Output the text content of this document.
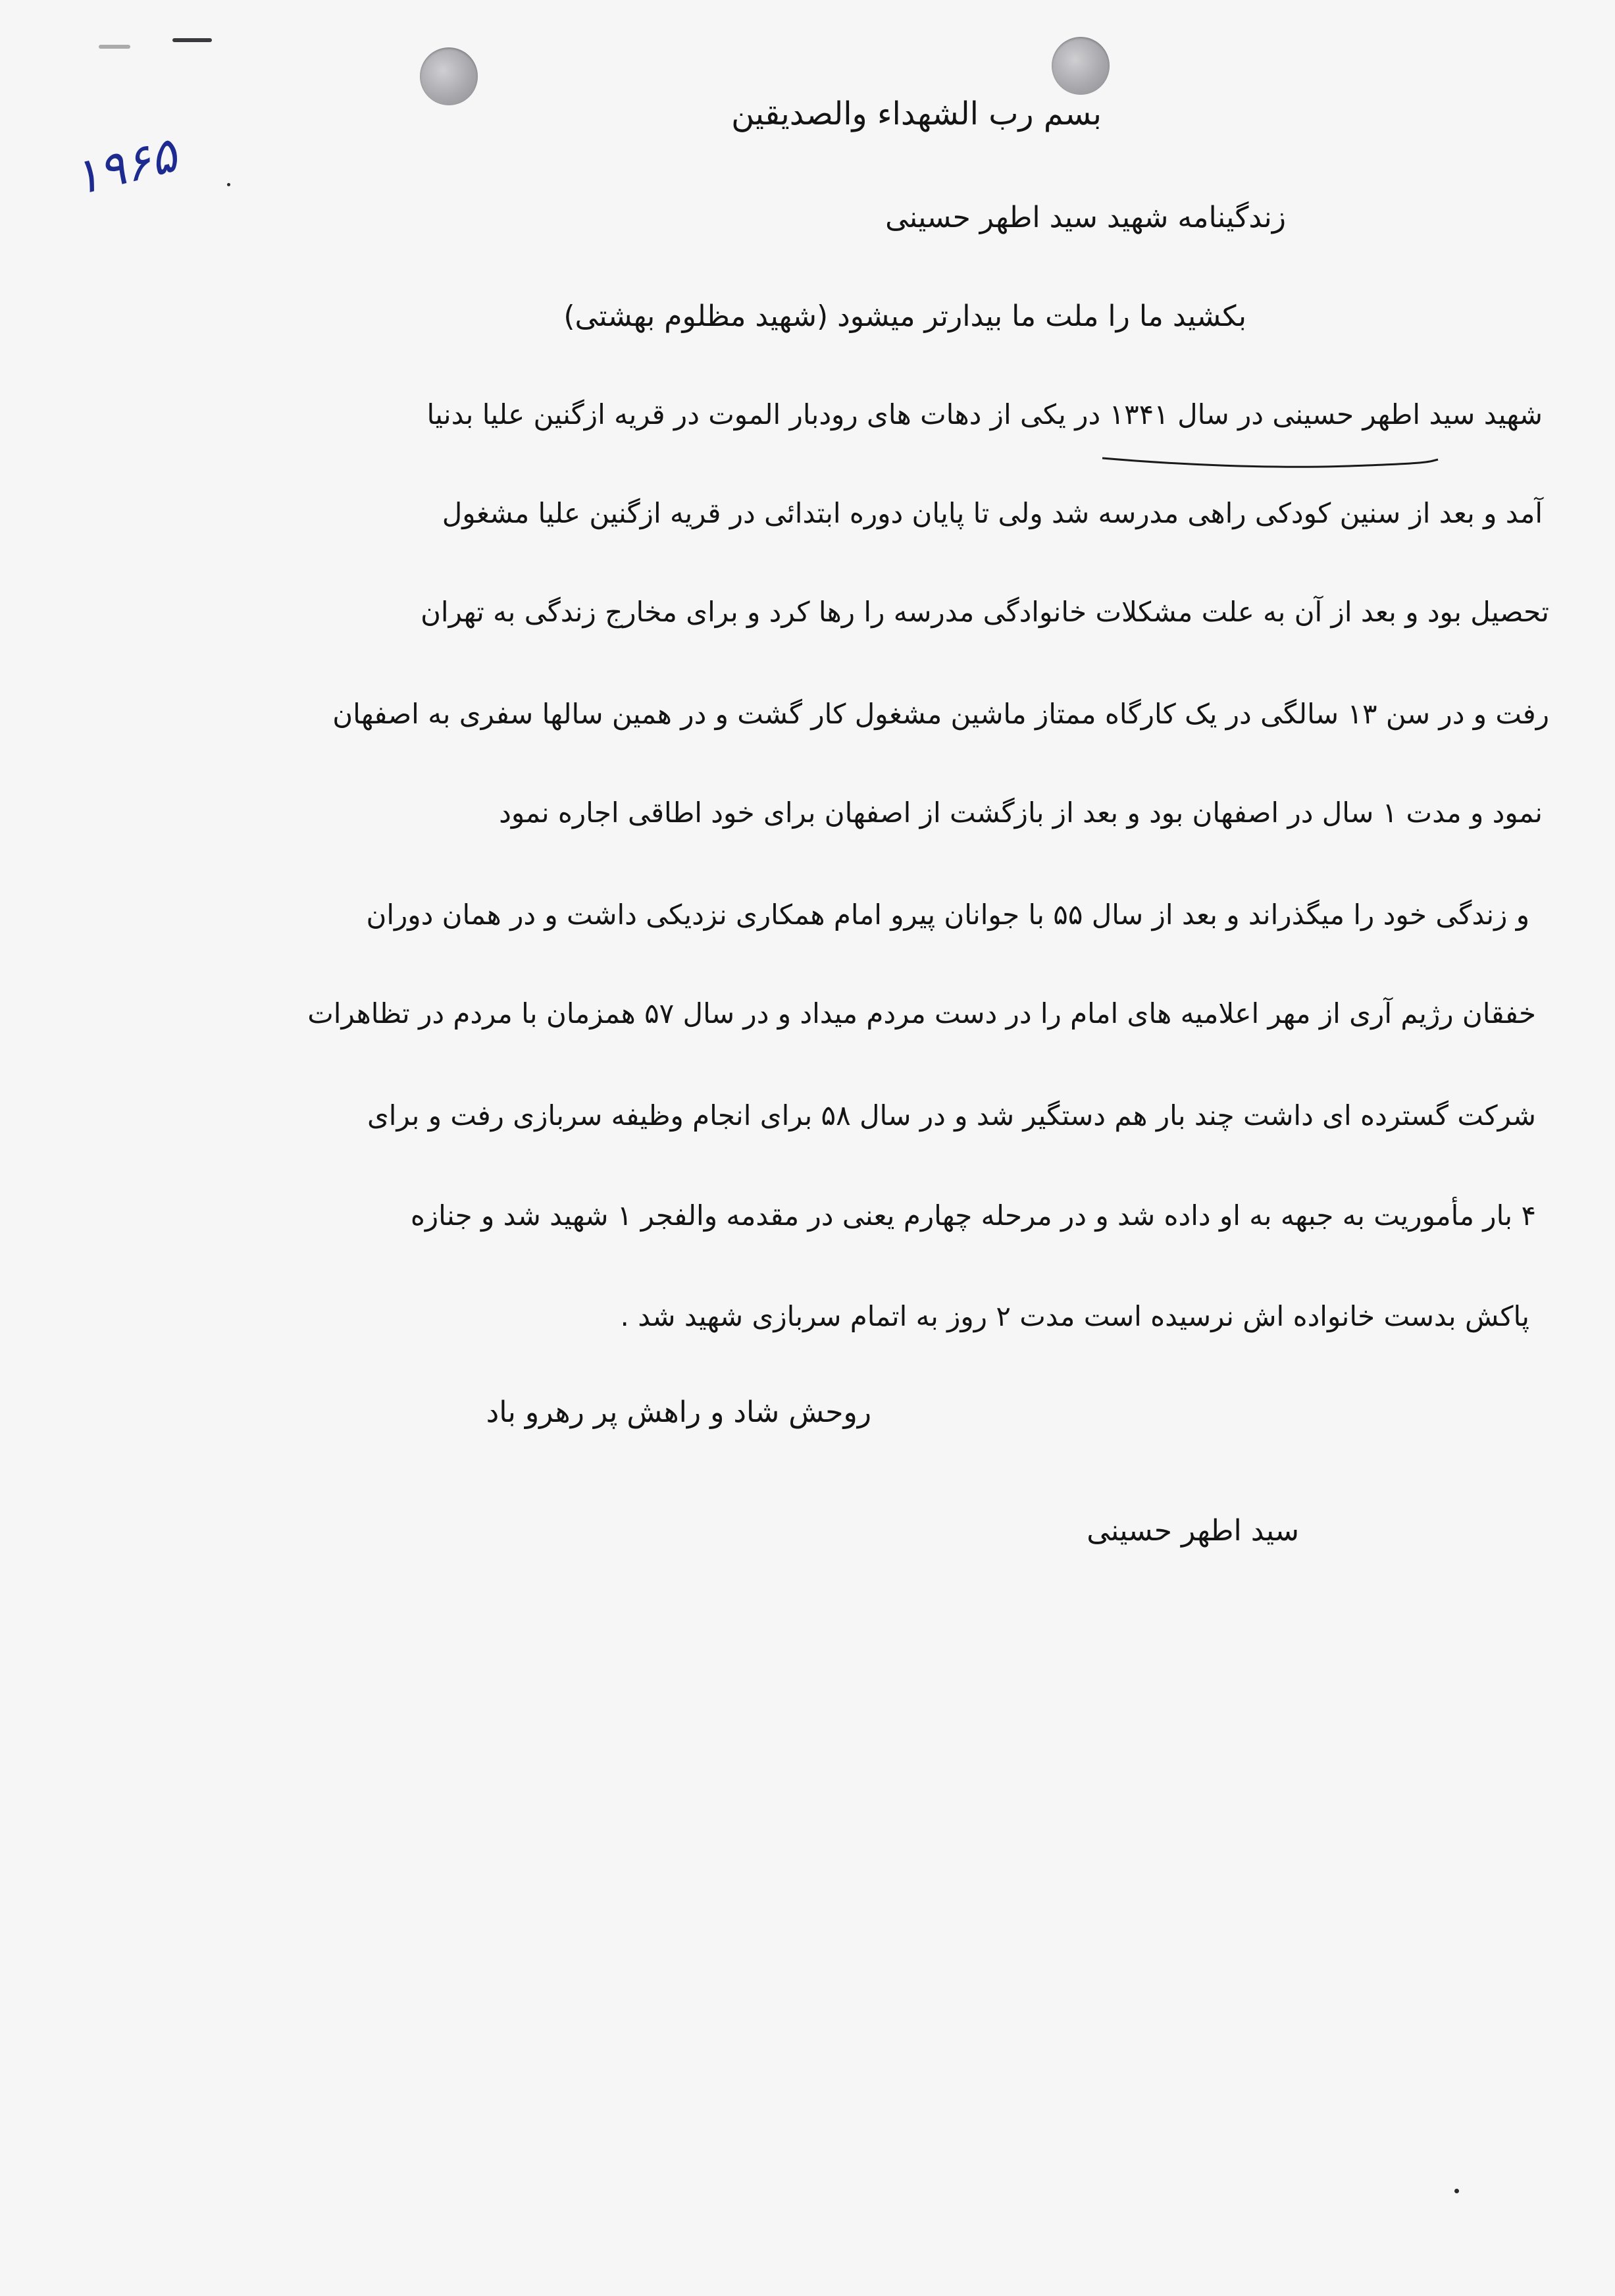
۱۹۶۵
بسم رب الشهداء والصدیقین
زندگینامه شهید سید اطهر حسینی
بکشید ما را ملت ما بیدارتر میشود (شهید مظلوم بهشتی)
شهید سید اطهر حسینی در سال ۱۳۴۱ در یکی از دهات های رودبار الموت در قریه ازگنین علیا بدنیا
آمد و بعد از سنین کودکی راهی مدرسه شد ولی تا پایان دوره ابتدائی در قریه ازگنین علیا مشغول
تحصیل بود و بعد از آن به علت مشکلات خانوادگی مدرسه را رها کرد و برای مخارج زندگی به تهران
رفت و در سن ۱۳ سالگی در یک کارگاه ممتاز ماشین مشغول کار گشت و در همین سالها سفری به اصفهان
نمود و مدت ۱ سال در اصفهان بود و بعد از بازگشت از اصفهان برای خود اطاقی اجاره نمود
و زندگی خود را میگذراند و بعد از سال ۵۵ با جوانان پیرو امام همکاری نزدیکی داشت و در همان دوران
خفقان رژیم آری از مهر اعلامیه های امام را در دست مردم میداد و در سال ۵۷ همزمان با مردم در تظاهرات
شرکت گسترده ای داشت چند بار هم دستگیر شد و در سال ۵۸ برای انجام وظیفه سربازی رفت و برای
۴ بار مأموریت به جبهه به او داده شد و در مرحله چهارم یعنی در مقدمه والفجر ۱ شهید شد و جنازه
پاکش بدست خانواده اش نرسیده است مدت ۲ روز به اتمام سربازی شهید شد .
روحش شاد و راهش پر رهرو باد
سید اطهر حسینی
